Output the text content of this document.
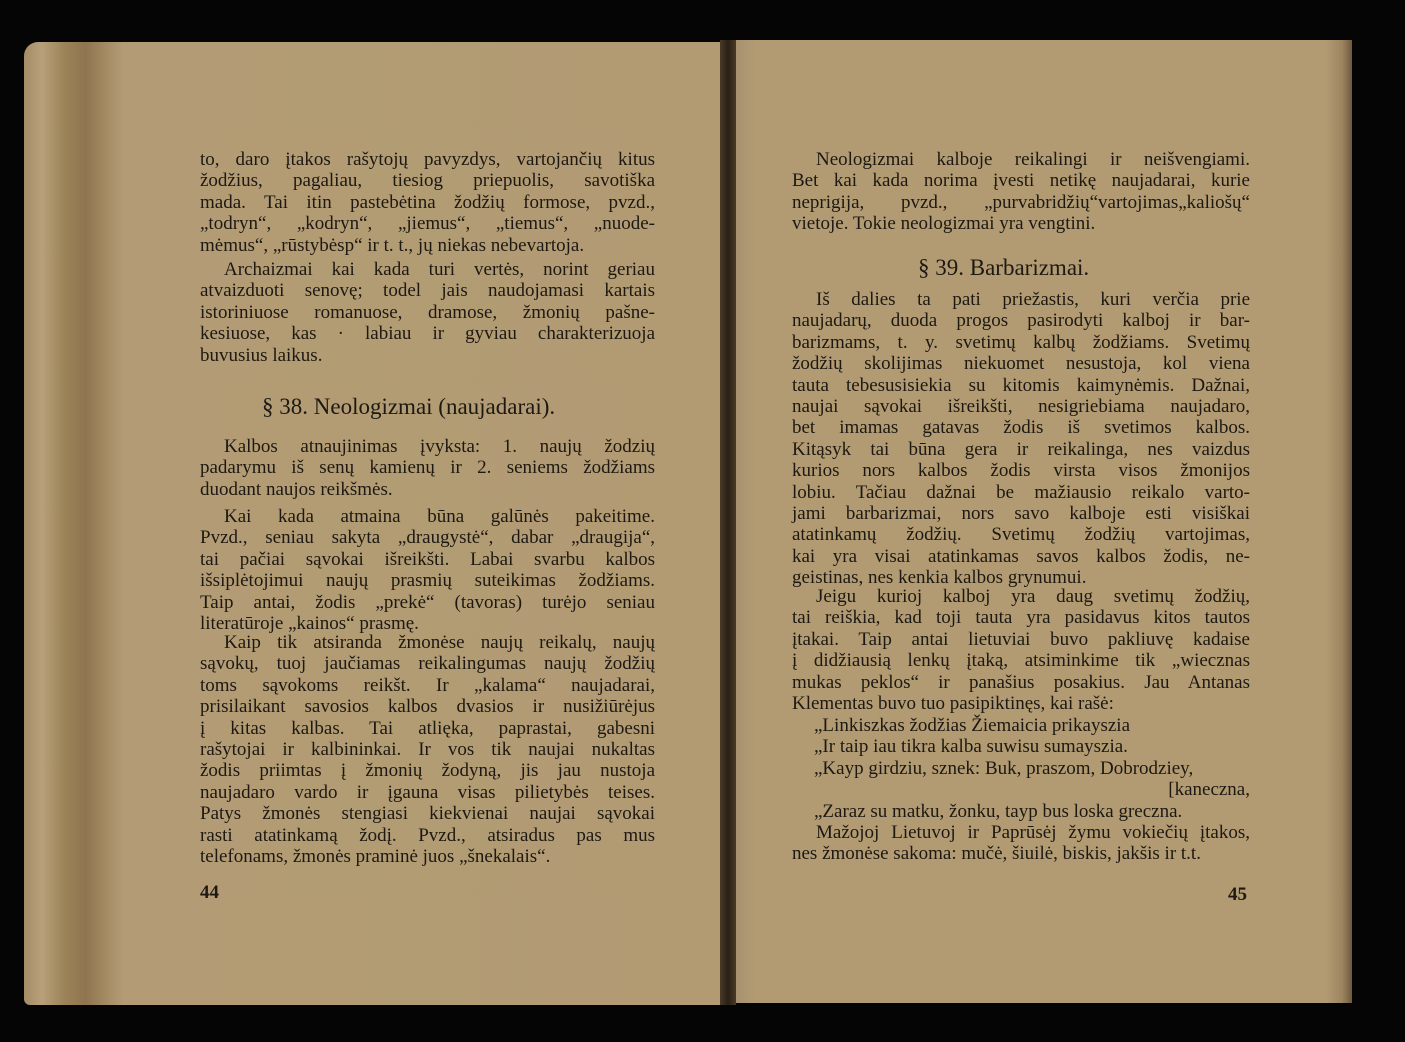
§ 38. Neologizmai (naujadarai).
§ 39. Barbarizmai.
44	45
to, daro įtakos rašytojų pavyzdys, vartojančių kitus
žodžius, pagaliau, tiesiog priepuolis, savotiška
mada. Tai itin pastebėtina žodžių formose, pvzd.,
„todryn“, „kodryn“, „jiemus“, „tiemus“, „nuode-
mėmus“, „rūstybėsp“ ir t. t., jų niekas nebevartoja.
Archaizmai kai kada turi vertės, norint geriau
atvaizduoti senovę; todel jais naudojamasi kartais
istoriniuose romanuose, dramose, žmonių pašne-
kesiuose, kas · labiau ir gyviau charakterizuoja
buvusius laikus.
Kalbos atnaujinimas įvyksta: 1. naujų žodzių
padarymu iš senų kamienų ir 2. seniems žodžiams
duodant naujos reikšmės.
Kai kada atmaina būna galūnės pakeitime.
Pvzd., seniau sakyta „draugystė“, dabar „draugija“,
tai pačiai sąvokai išreikšti. Labai svarbu kalbos
išsiplėtojimui naujų prasmių suteikimas žodžiams.
Taip antai, žodis „prekė“ (tavoras) turėjo seniau
literatūroje „kainos“ prasmę.
Kaip tik atsiranda žmonėse naujų reikalų, naujų
sąvokų, tuoj jaučiamas reikalingumas naujų žodžių
toms sąvokoms reikšt. Ir „kalama“ naujadarai,
prisilaikant savosios kalbos dvasios ir nusižiūrėjus
į kitas kalbas. Tai atlięka, paprastai, gabesni
rašytojai ir kalbininkai. Ir vos tik naujai nukaltas
žodis priimtas į žmonių žodyną, jis jau nustoja
naujadaro vardo ir įgauna visas pilietybės teises.
Patys žmonės stengiasi kiekvienai naujai sąvokai
rasti atatinkamą žodį. Pvzd., atsiradus pas mus
telefonams, žmonės praminė juos „šnekalais“.
Neologizmai kalboje reikalingi ir neišvengiami.
Bet kai kada norima įvesti netikę naujadarai, kurie
neprigija, pvzd., „purvabridžių“vartojimas„kaliošų“
vietoje. Tokie neologizmai yra vengtini.
Iš dalies ta pati priežastis, kuri verčia prie
naujadarų, duoda progos pasirodyti kalboj ir bar-
barizmams, t. y. svetimų kalbų žodžiams. Svetimų
žodžių skolijimas niekuomet nesustoja, kol viena
tauta tebesusisiekia su kitomis kaimynėmis. Dažnai,
naujai sąvokai išreikšti, nesigriebiama naujadaro,
bet imamas gatavas žodis iš svetimos kalbos.
Kitąsyk tai būna gera ir reikalinga, nes vaizdus
kurios nors kalbos žodis virsta visos žmonijos
lobiu. Tačiau dažnai be mažiausio reikalo varto-
jami barbarizmai, nors savo kalboje esti visiškai
atatinkamų žodžių. Svetimų žodžių vartojimas,
kai yra visai atatinkamas savos kalbos žodis, ne-
geistinas, nes kenkia kalbos grynumui.
Jeigu kurioj kalboj yra daug svetimų žodžių,
tai reiškia, kad toji tauta yra pasidavus kitos tautos
įtakai. Taip antai lietuviai buvo pakliuvę kadaise
į didžiausią lenkų įtaką, atsiminkime tik „wiecznas
mukas peklos“ ir panašius posakius. Jau Antanas
Klementas buvo tuo pasipiktinęs, kai rašė:
„Linkiszkas žodžias Žiemaicia prikayszia
„Ir taip iau tikra kalba suwisu sumayszia.
„Kayp girdziu, sznek: Buk, praszom, Dobrodziey,
[kaneczna,
„Zaraz su matku, žonku, tayp bus loska greczna.
Mažojoj Lietuvoj ir Paprūsėj žymu vokiečių įtakos,
nes žmonėse sakoma: mučė, šiuilė, biskis, jakšis ir t.t.
